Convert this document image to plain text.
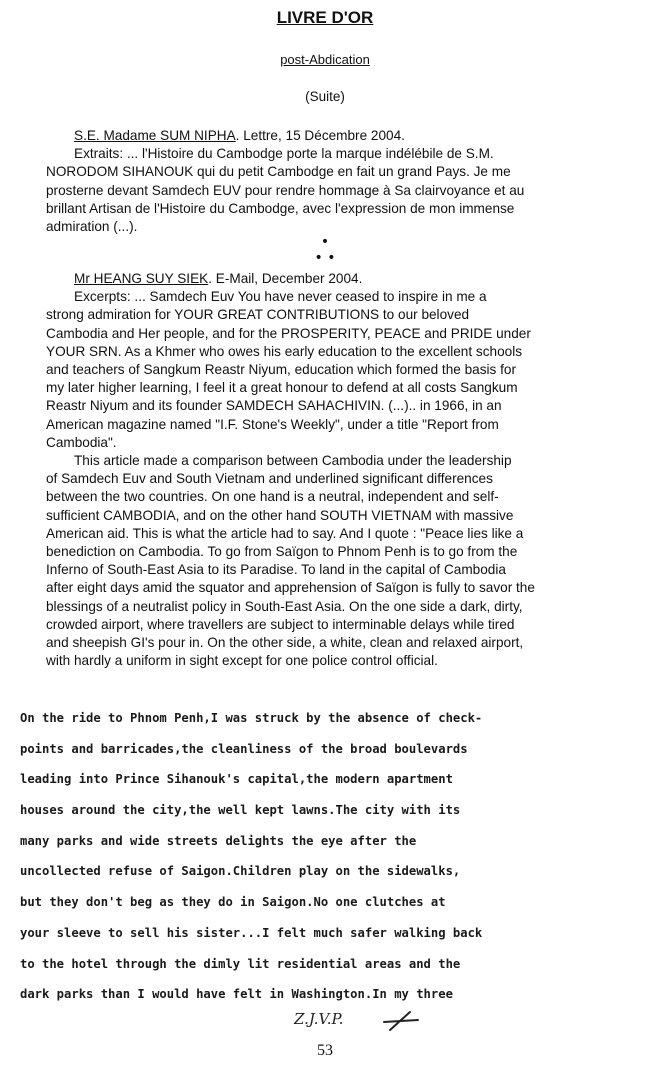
LIVRE D'OR
post-Abdication
(Suite)
S.E. Madame SUM NIPHA. Lettre, 15 Décembre 2004.
Extraits: ... l'Histoire du Cambodge porte la marque indélébile de S.M.
NORODOM SIHANOUK qui du petit Cambodge en fait un grand Pays. Je me
prosterne devant Samdech EUV pour rendre hommage à Sa clairvoyance et au
brillant Artisan de l'Histoire du Cambodge, avec l'expression de mon immense
admiration (...).
•
• •
Mr HEANG SUY SIEK. E-Mail, December 2004.
Excerpts: ... Samdech Euv You have never ceased to inspire in me a
strong admiration for YOUR GREAT CONTRIBUTIONS to our beloved
Cambodia and Her people, and for the PROSPERITY, PEACE and PRIDE under
YOUR SRN. As a Khmer who owes his early education to the excellent schools
and teachers of Sangkum Reastr Niyum, education which formed the basis for
my later higher learning, I feel it a great honour to defend at all costs Sangkum
Reastr Niyum and its founder SAMDECH SAHACHIVIN. (...).. in 1966, in an
American magazine named "I.F. Stone's Weekly", under a title "Report from
Cambodia".
This article made a comparison between Cambodia under the leadership
of Samdech Euv and South Vietnam and underlined significant differences
between the two countries. On one hand is a neutral, independent and self-
sufficient CAMBODIA, and on the other hand SOUTH VIETNAM with massive
American aid. This is what the article had to say. And I quote : "Peace lies like a
benediction on Cambodia. To go from Saïgon to Phnom Penh is to go from the
Inferno of South-East Asia to its Paradise. To land in the capital of Cambodia
after eight days amid the squator and apprehension of Saïgon is fully to savor the
blessings of a neutralist policy in South-East Asia. On the one side a dark, dirty,
crowded airport, where travellers are subject to interminable delays while tired
and sheepish GI's pour in. On the other side, a white, clean and relaxed airport,
with hardly a uniform in sight except for one police control official.
On the ride to Phnom Penh,I was struck by the absence of check-
points and barricades,the cleanliness of the broad boulevards
leading into Prince Sihanouk's capital,the modern apartment
houses around the city,the well kept lawns.The city with its
many parks and wide streets delights the eye after the
uncollected refuse of Saigon.Children play on the sidewalks,
but they don't beg as they do in Saigon.No one clutches at
your sleeve to sell his sister...I felt much safer walking back
to the hotel through the dimly lit residential areas and the
dark parks than I would have felt in Washington.In my three
Z.J.V.P.
53
